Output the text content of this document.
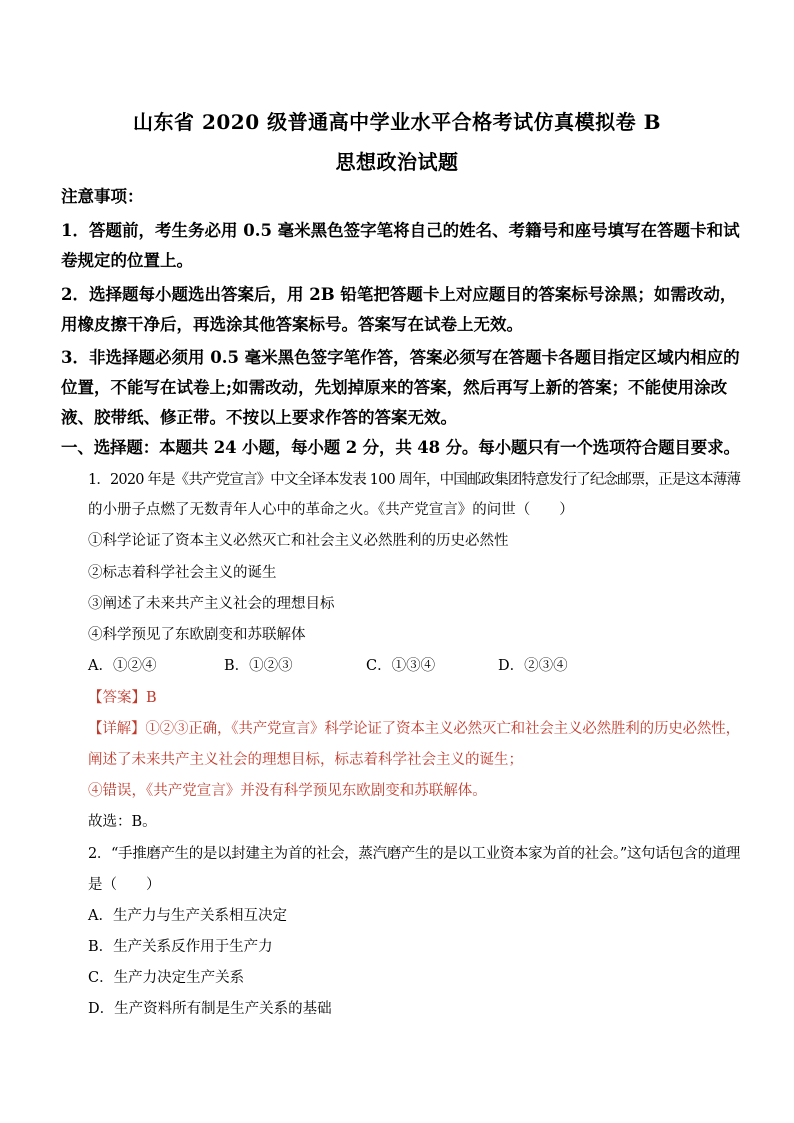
山东省 2020 级普通高中学业水平合格考试仿真模拟卷 B
思想政治试题
注意事项：
1．答题前，考生务必用 0.5 毫米黑色签字笔将自己的姓名、考籍号和座号填写在答题卡和试
卷规定的位置上。
2．选择题每小题选出答案后，用 2B 铅笔把答题卡上对应题目的答案标号涂黑；如需改动，
用橡皮擦干净后，再选涂其他答案标号。答案写在试卷上无效。
3．非选择题必须用 0.5 毫米黑色签字笔作答，答案必须写在答题卡各题目指定区域内相应的
位置，不能写在试卷上;如需改动，先划掉原来的答案，然后再写上新的答案；不能使用涂改
液、胶带纸、修正带。不按以上要求作答的答案无效。
一、选择题：本题共 24 小题，每小题 2 分，共 48 分。每小题只有一个选项符合题目要求。
1．2020 年是《共产党宣言》中文全译本发表 100 周年，中国邮政集团特意发行了纪念邮票，正是这本薄薄
的小册子点燃了无数青年人心中的革命之火。《共产党宣言》的问世（　　）
①科学论证了资本主义必然灭亡和社会主义必然胜利的历史必然性
②标志着科学社会主义的诞生
③阐述了未来共产主义社会的理想目标
④科学预见了东欧剧变和苏联解体
A．①②④	B．①②③	C．①③④	D．②③④
【答案】B
【详解】①②③正确，《共产党宣言》科学论证了资本主义必然灭亡和社会主义必然胜利的历史必然性，
阐述了未来共产主义社会的理想目标，标志着科学社会主义的诞生；
④错误，《共产党宣言》并没有科学预见东欧剧变和苏联解体。
故选：B。
2．“手推磨产生的是以封建主为首的社会，蒸汽磨产生的是以工业资本家为首的社会。”这句话包含的道理
是（　　）
A．生产力与生产关系相互决定
B．生产关系反作用于生产力
C．生产力决定生产关系
D．生产资料所有制是生产关系的基础
